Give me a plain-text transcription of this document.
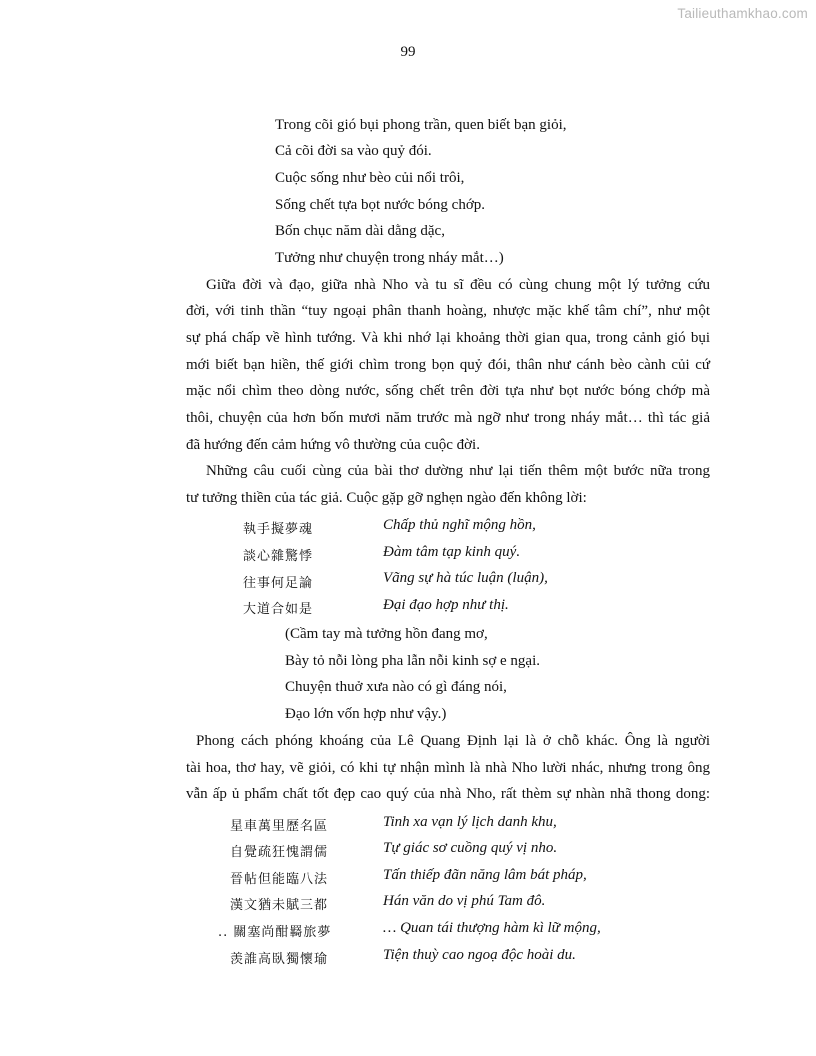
Tailieuthamkhao.com
99
Trong cõi gió bụi phong trần, quen biết bạn giỏi,
Cả cõi đời sa vào quỷ đói.
Cuộc sống như bèo củi nổi trôi,
Sống chết tựa bọt nước bóng chớp.
Bốn chục năm dài dằng dặc,
Tưởng như chuyện trong nháy mắt…)
Giữa đời và đạo, giữa nhà Nho và tu sĩ đều có cùng chung một lý tưởng cứu
đời, với tinh thần “tuy ngoại phân thanh hoàng, nhược mặc khế tâm chí”, như một
sự phá chấp về hình tướng. Và khi nhớ lại khoảng thời gian qua, trong cảnh gió bụi
mới biết bạn hiền, thế giới chìm trong bọn quỷ đói, thân như cánh bèo cành củi cứ
mặc nổi chìm theo dòng nước, sống chết trên đời tựa như bọt nước bóng chớp mà
thôi, chuyện của hơn bốn mươi năm trước mà ngỡ như trong nháy mắt… thì tác giả
đã hướng đến cảm hứng vô thường của cuộc đời.
Những câu cuối cùng của bài thơ dường như lại tiến thêm một bước nữa trong
tư tưởng thiền của tác giả. Cuộc gặp gỡ nghẹn ngào đến không lời:
執手擬夢魂
談心雜驚悸
往事何足論
大道合如是
Chấp thủ nghĩ mộng hồn,
Đàm tâm tạp kinh quý.
Vãng sự hà túc luận (luận),
Đại đạo hợp như thị.
(Cầm tay mà tưởng hồn đang mơ,
Bày tỏ nỗi lòng pha lẫn nỗi kinh sợ e ngại.
Chuyện thuở xưa nào có gì đáng nói,
Đạo lớn vốn hợp như vậy.)
Phong cách phóng khoáng của Lê Quang Định lại là ở chỗ khác. Ông là người
tài hoa, thơ hay, vẽ giỏi, có khi tự nhận mình là nhà Nho lười nhác, nhưng trong ông
vẫn ấp ủ phẩm chất tốt đẹp cao quý của nhà Nho, rất thèm sự nhàn nhã thong dong:
星車萬里歷名區
自覺疏狂愧謂儒
晉帖但能臨八法
漢文猶未賦三都
.. 關塞尚酣羇旅夢
羡誰高臥獨懷瑜
Tinh xa vạn lý lịch danh khu,
Tự giác sơ cuồng quý vị nho.
Tấn thiếp đãn năng lâm bát pháp,
Hán văn do vị phú Tam đô.
… Quan tái thượng hàm kì lữ mộng,
Tiện thuỳ cao ngoạ độc hoài du.
